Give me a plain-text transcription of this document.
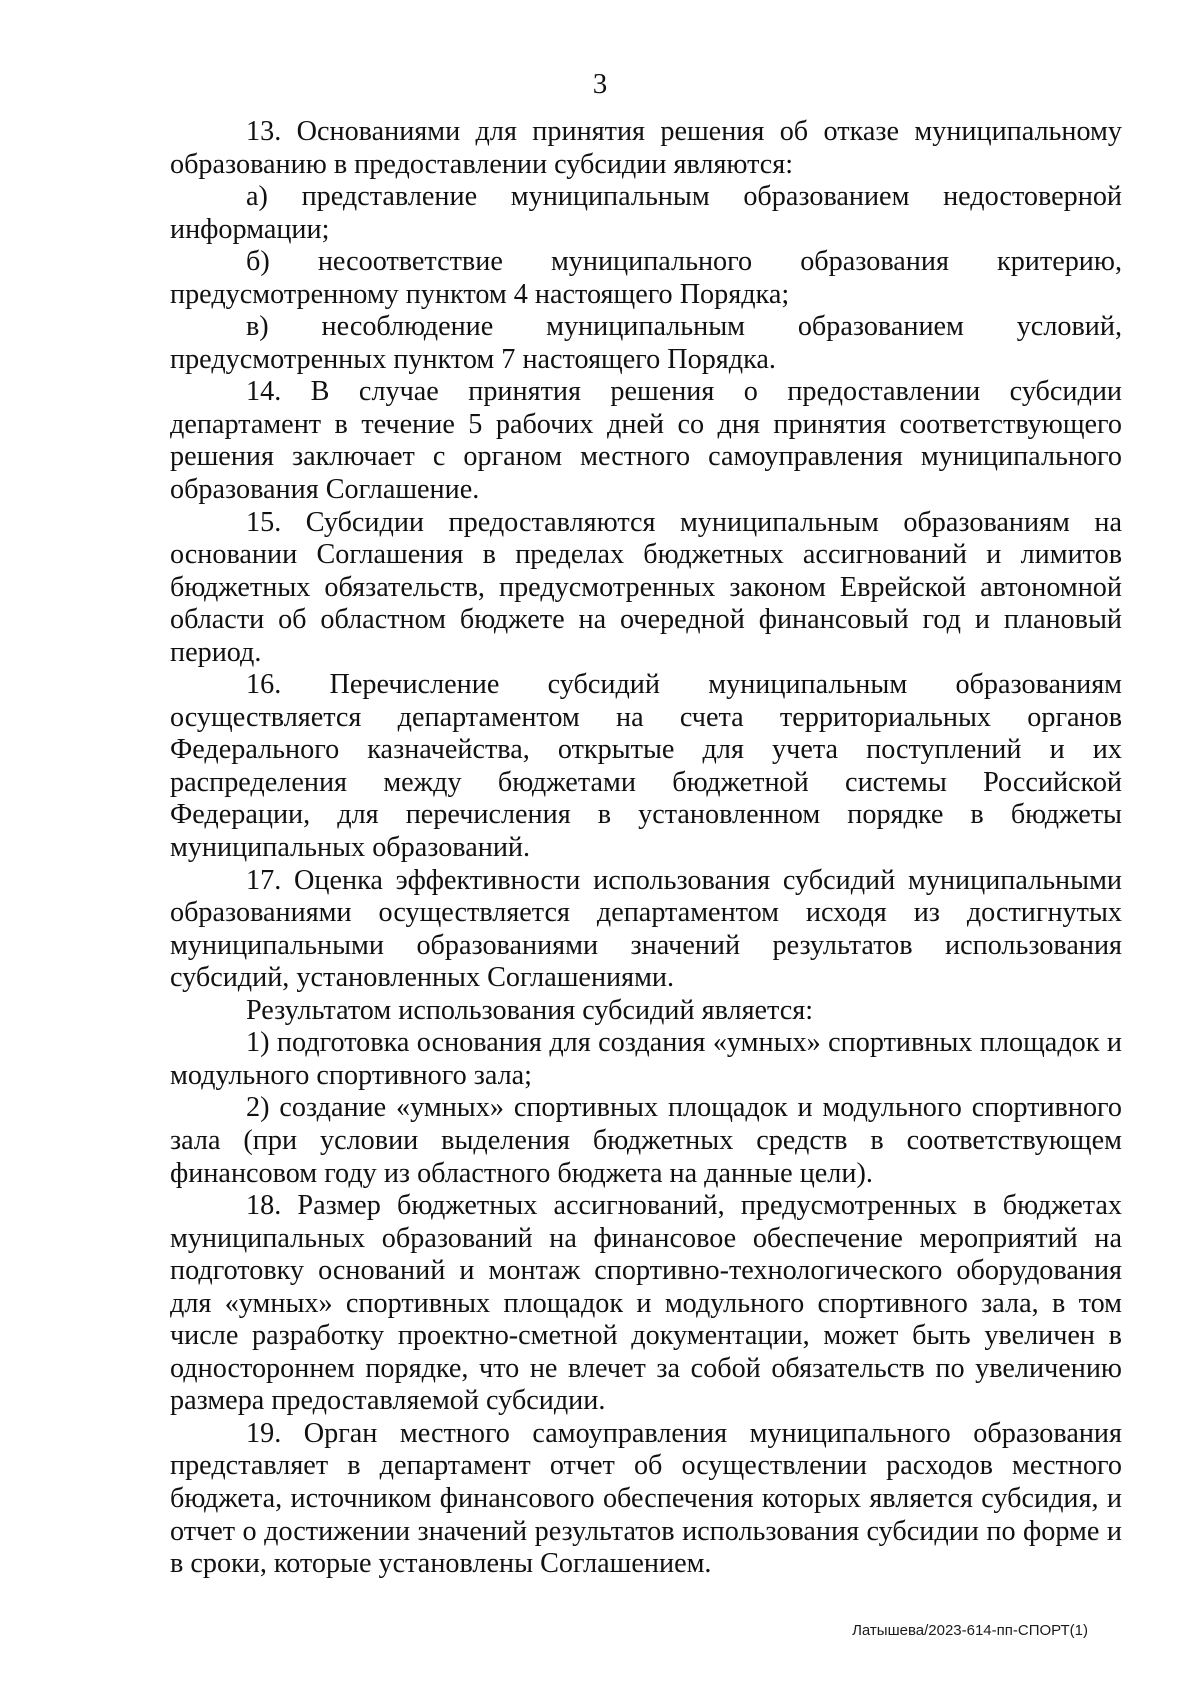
3

13. Основаниями для принятия решения об отказе муниципальному образованию в предоставлении субсидии являются:

а) представление муниципальным образованием недостоверной информации;

б) несоответствие муниципального образования критерию, предусмотренному пунктом 4 настоящего Порядка;

в) несоблюдение муниципальным образованием условий, предусмотренных пунктом 7 настоящего Порядка.

14. В случае принятия решения о предоставлении субсидии департамент в течение 5 рабочих дней со дня принятия соответствующего решения заключает с органом местного самоуправления муниципального образования Соглашение.

15. Субсидии предоставляются муниципальным образованиям на основании Соглашения в пределах бюджетных ассигнований и лимитов бюджетных обязательств, предусмотренных законом Еврейской автономной области об областном бюджете на очередной финансовый год и плановый период.

16. Перечисление субсидий муниципальным образованиям осуществляется департаментом на счета территориальных органов Федерального казначейства, открытые для учета поступлений и их распределения между бюджетами бюджетной системы Российской Федерации, для перечисления в установленном порядке в бюджеты муниципальных образований.

17. Оценка эффективности использования субсидий муниципальными образованиями осуществляется департаментом исходя из достигнутых муниципальными образованиями значений результатов использования субсидий, установленных Соглашениями.

Результатом использования субсидий является:

1) подготовка основания для создания «умных» спортивных площадок и модульного спортивного зала;

2) создание «умных» спортивных площадок и модульного спортивного зала (при условии выделения бюджетных средств в соответствующем финансовом году из областного бюджета на данные цели).

18. Размер бюджетных ассигнований, предусмотренных в бюджетах муниципальных образований на финансовое обеспечение мероприятий на подготовку оснований и монтаж спортивно-технологического оборудования для «умных» спортивных площадок и модульного спортивного зала, в том числе разработку проектно-сметной документации, может быть увеличен в одностороннем порядке, что не влечет за собой обязательств по увеличению размера предоставляемой субсидии.

19. Орган местного самоуправления муниципального образования представляет в департамент отчет об осуществлении расходов местного бюджета, источником финансового обеспечения которых является субсидия, и отчет о достижении значений результатов использования субсидии по форме и в сроки, которые установлены Соглашением.

Латышева/2023-614-пп-СПОРТ(1)
